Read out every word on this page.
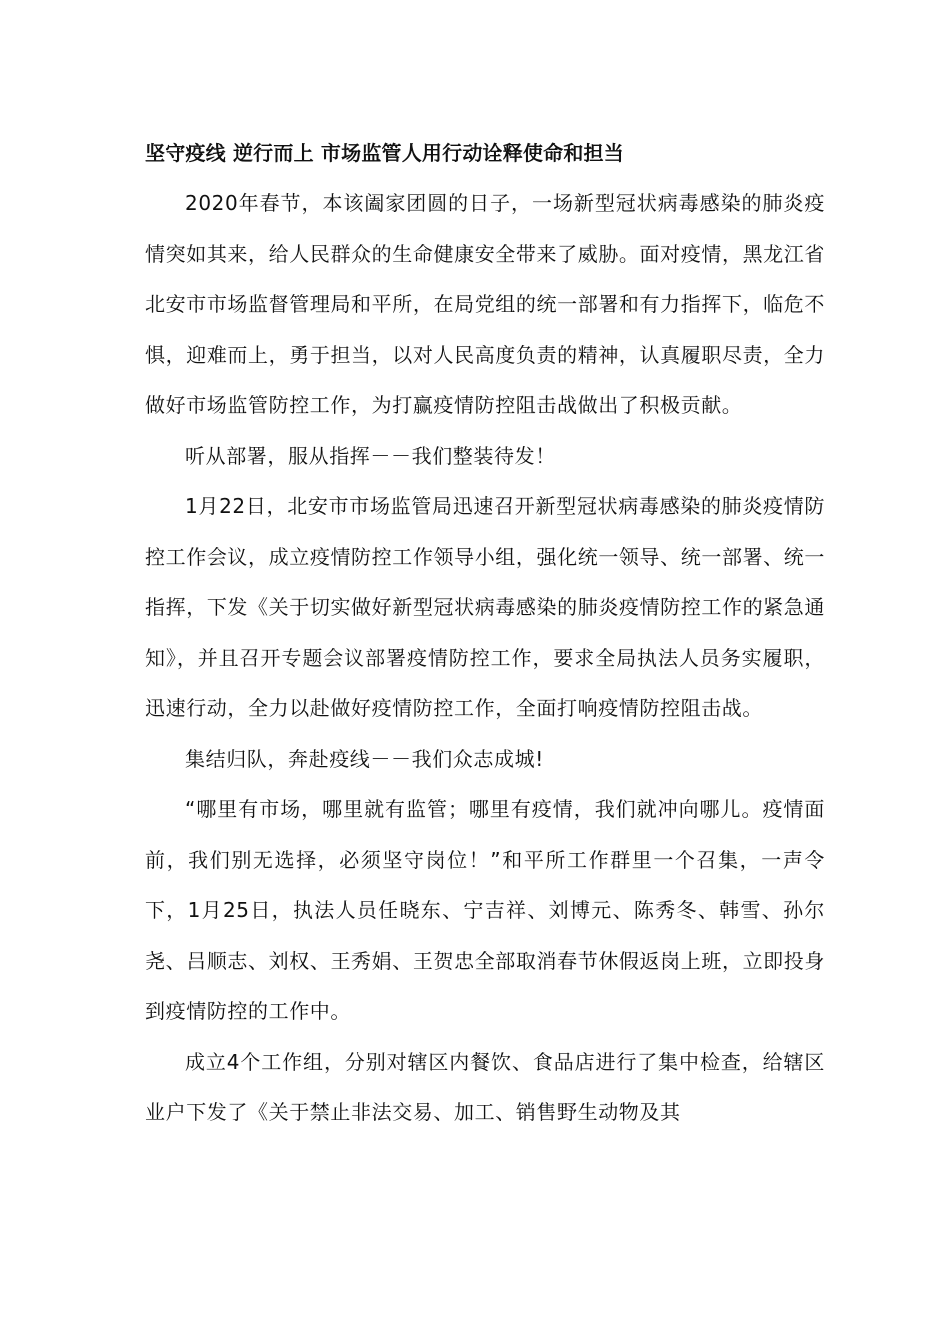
坚守疫线 逆行而上 市场监管人用行动诠释使命和担当

2020年春节，本该阖家团圆的日子，一场新型冠状病毒感染的肺炎疫情突如其来，给人民群众的生命健康安全带来了威胁。面对疫情，黑龙江省北安市市场监督管理局和平所，在局党组的统一部署和有力指挥下，临危不惧，迎难而上，勇于担当，以对人民高度负责的精神，认真履职尽责，全力做好市场监管防控工作，为打赢疫情防控阻击战做出了积极贡献。

听从部署，服从指挥－－我们整装待发！

1月22日，北安市市场监管局迅速召开新型冠状病毒感染的肺炎疫情防控工作会议，成立疫情防控工作领导小组，强化统一领导、统一部署、统一指挥，下发《关于切实做好新型冠状病毒感染的肺炎疫情防控工作的紧急通知》，并且召开专题会议部署疫情防控工作，要求全局执法人员务实履职，迅速行动，全力以赴做好疫情防控工作，全面打响疫情防控阻击战。

集结归队，奔赴疫线－－我们众志成城!

“哪里有市场，哪里就有监管；哪里有疫情，我们就冲向哪儿。疫情面前，我们别无选择，必须坚守岗位！”和平所工作群里一个召集，一声令下，1月25日，执法人员任晓东、宁吉祥、刘博元、陈秀冬、韩雪、孙尔尧、吕顺志、刘权、王秀娟、王贺忠全部取消春节休假返岗上班，立即投身到疫情防控的工作中。

成立4个工作组，分别对辖区内餐饮、食品店进行了集中检查，给辖区业户下发了《关于禁止非法交易、加工、销售野生动物及其
